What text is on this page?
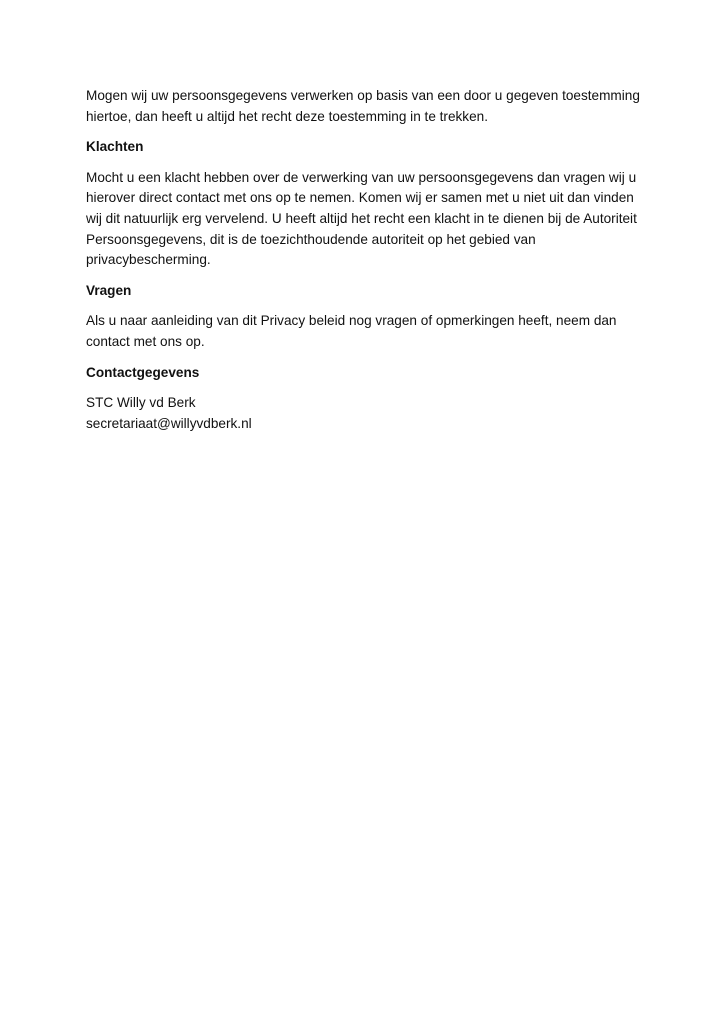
Mogen wij uw persoonsgegevens verwerken op basis van een door u gegeven toestemming hiertoe, dan heeft u altijd het recht deze toestemming in te trekken.

Klachten

Mocht u een klacht hebben over de verwerking van uw persoonsgegevens dan vragen wij u hierover direct contact met ons op te nemen. Komen wij er samen met u niet uit dan vinden wij dit natuurlijk erg vervelend. U heeft altijd het recht een klacht in te dienen bij de Autoriteit Persoonsgegevens, dit is de toezichthoudende autoriteit op het gebied van privacybescherming.

Vragen

Als u naar aanleiding van dit Privacy beleid nog vragen of opmerkingen heeft, neem dan contact met ons op.

Contactgegevens

STC Willy vd Berk
secretariaat@willyvdberk.nl
